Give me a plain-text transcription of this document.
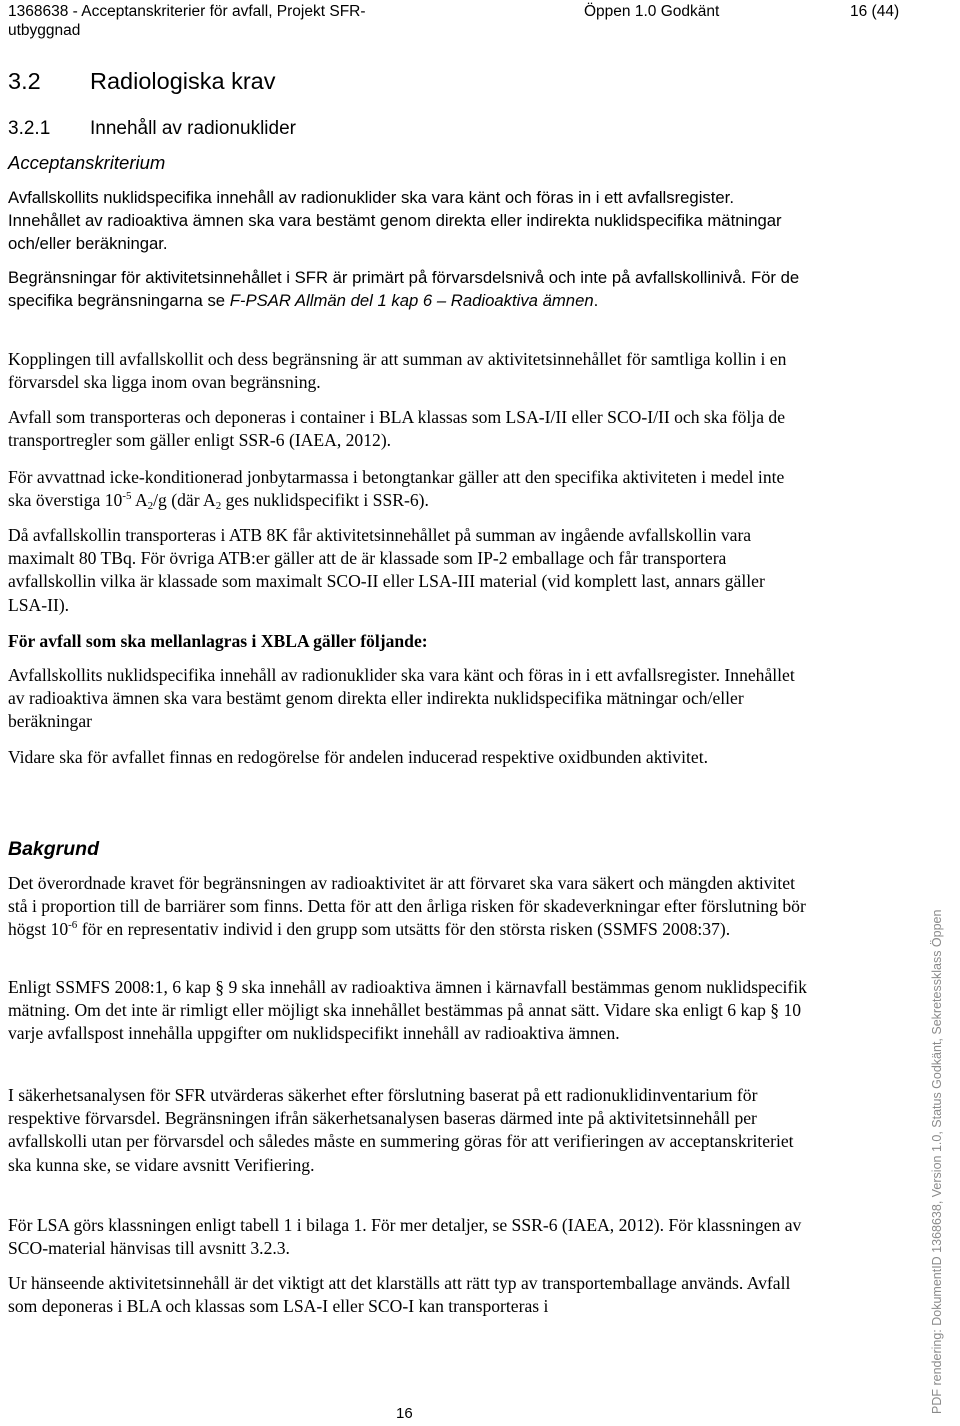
1368638 - Acceptanskriterier för avfall, Projekt SFR-utbyggnad
Öppen 1.0 Godkänt	16 (44)
3.2 Radiologiska krav
3.2.1 Innehåll av radionuklider
Acceptanskriterium
Avfallskollits nuklidspecifika innehåll av radionuklider ska vara känt och föras in i ett avfallsregister. Innehållet av radioaktiva ämnen ska vara bestämt genom direkta eller indirekta nuklidspecifika mätningar och/eller beräkningar.
Begränsningar för aktivitetsinnehållet i SFR är primärt på förvarsdelsnivå och inte på avfallskollinivå. För de specifika begränsningarna se F-PSAR Allmän del 1 kap 6 – Radioaktiva ämnen.
Kopplingen till avfallskollit och dess begränsning är att summan av aktivitetsinnehållet för samtliga kollin i en förvarsdel ska ligga inom ovan begränsning.
Avfall som transporteras och deponeras i container i BLA klassas som LSA-I/II eller SCO-I/II och ska följa de transportregler som gäller enligt SSR-6 (IAEA, 2012).
För avvattnad icke-konditionerad jonbytarmassa i betongtankar gäller att den specifika aktiviteten i medel inte ska överstiga $10^{-5}$ $A_2/g$ (där $A_2$ ges nuklidspecifikt i SSR-6).
Då avfallskollin transporteras i ATB 8K får aktivitetsinnehållet på summan av ingående avfallskollin vara maximalt 80 TBq. För övriga ATB:er gäller att de är klassade som IP-2 emballage och får transportera avfallskollin vilka är klassade som maximalt SCO-II eller LSA-III material (vid komplett last, annars gäller LSA-II).
För avfall som ska mellanlagras i XBLA gäller följande:
Avfallskollits nuklidspecifika innehåll av radionuklider ska vara känt och föras in i ett avfallsregister. Innehållet av radioaktiva ämnen ska vara bestämt genom direkta eller indirekta nuklidspecifika mätningar och/eller beräkningar
Vidare ska för avfallet finnas en redogörelse för andelen inducerad respektive oxidbunden aktivitet.
Bakgrund
Det överordnade kravet för begränsningen av radioaktivitet är att förvaret ska vara säkert och mängden aktivitet stå i proportion till de barriärer som finns. Detta för att den årliga risken för skadeverkningar efter förslutning bör högst $10^{-6}$ för en representativ individ i den grupp som utsätts för den största risken (SSMFS 2008:37).
Enligt SSMFS 2008:1, 6 kap § 9 ska innehåll av radioaktiva ämnen i kärnavfall bestämmas genom nuklidspecifik mätning. Om det inte är rimligt eller möjligt ska innehållet bestämmas på annat sätt. Vidare ska enligt 6 kap § 10 varje avfallspost innehålla uppgifter om nuklidspecifikt innehåll av radioaktiva ämnen.
I säkerhetsanalysen för SFR utvärderas säkerhet efter förslutning baserat på ett radionuklidinventarium för respektive förvarsdel. Begränsningen ifrån säkerhetsanalysen baseras därmed inte på aktivitetsinnehåll per avfallskolli utan per förvarsdel och således måste en summering göras för att verifieringen av acceptanskriteriet ska kunna ske, se vidare avsnitt Verifiering.
För LSA görs klassningen enligt tabell 1 i bilaga 1. För mer detaljer, se SSR-6 (IAEA, 2012). För klassningen av SCO-material hänvisas till avsnitt 3.2.3.
Ur hänseende aktivitetsinnehåll är det viktigt att det klarställs att rätt typ av transportemballage används. Avfall som deponeras i BLA och klassas som LSA-I eller SCO-I kan transporteras i
16	PDF rendering: DokumentID 1368638, Version 1.0, Status Godkänt, Sekretessklass Öppen
